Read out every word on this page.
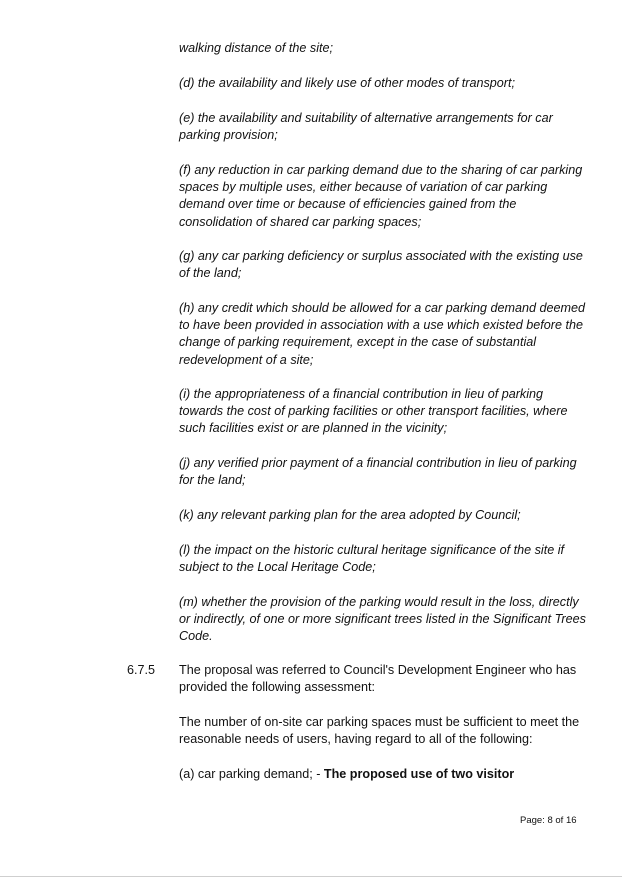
walking distance of the site;

(d) the availability and likely use of other modes of transport;

(e) the availability and suitability of alternative arrangements for car parking provision;

(f) any reduction in car parking demand due to the sharing of car parking spaces by multiple uses, either because of variation of car parking demand over time or because of efficiencies gained from the consolidation of shared car parking spaces;

(g) any car parking deficiency or surplus associated with the existing use of the land;

(h) any credit which should be allowed for a car parking demand deemed to have been provided in association with a use which existed before the change of parking requirement, except in the case of substantial redevelopment of a site;

(i) the appropriateness of a financial contribution in lieu of parking towards the cost of parking facilities or other transport facilities, where such facilities exist or are planned in the vicinity;

(j) any verified prior payment of a financial contribution in lieu of parking for the land;

(k) any relevant parking plan for the area adopted by Council;

(l) the impact on the historic cultural heritage significance of the site if subject to the Local Heritage Code;

(m) whether the provision of the parking would result in the loss, directly or indirectly, of one or more significant trees listed in the Significant Trees Code.

6.7.5 The proposal was referred to Council's Development Engineer who has provided the following assessment:

The number of on-site car parking spaces must be sufficient to meet the reasonable needs of users, having regard to all of the following:

(a) car parking demand; - The proposed use of two visitor

Page: 8 of 16
